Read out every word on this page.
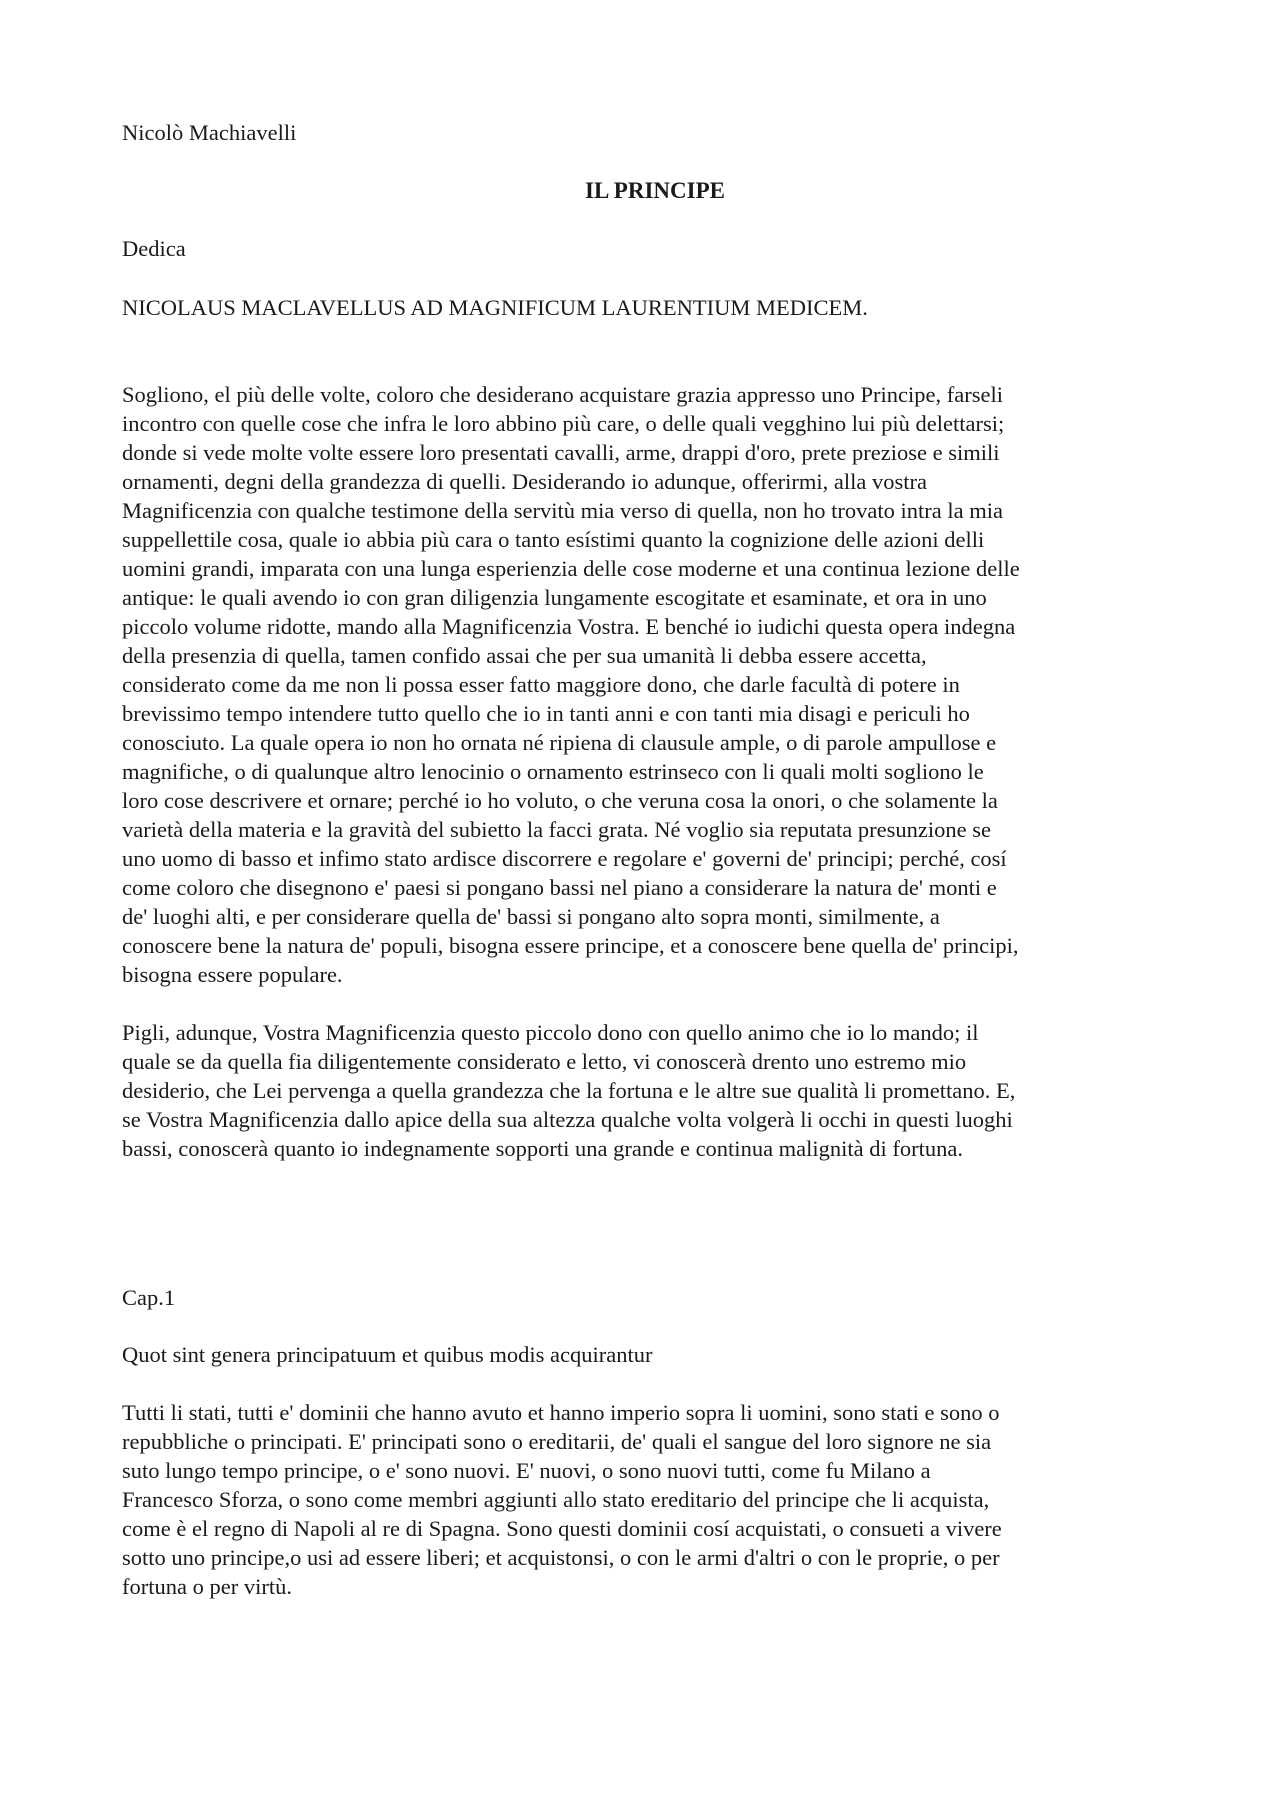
Nicolò Machiavelli

IL PRINCIPE

Dedica

NICOLAUS MACLAVELLUS AD MAGNIFICUM LAURENTIUM MEDICEM.

Sogliono, el più delle volte, coloro che desiderano acquistare grazia appresso uno Principe, farseli

incontro con quelle cose che infra le loro abbino più care, o delle quali vegghino lui più delettarsi;

donde si vede molte volte essere loro presentati cavalli, arme, drappi d'oro, prete preziose e simili

ornamenti, degni della grandezza di quelli. Desiderando io adunque, offerirmi, alla vostra

Magnificenzia con qualche testimone della servitù mia verso di quella, non ho trovato intra la mia

suppellettile cosa, quale io abbia più cara o tanto esístimi quanto la cognizione delle azioni delli

uomini grandi, imparata con una lunga esperienzia delle cose moderne et una continua lezione delle

antique: le quali avendo io con gran diligenzia lungamente escogitate et esaminate, et ora in uno

piccolo volume ridotte, mando alla Magnificenzia Vostra. E benché io iudichi questa opera indegna

della presenzia di quella, tamen confido assai che per sua umanità li debba essere accetta,

considerato come da me non li possa esser fatto maggiore dono, che darle facultà di potere in

brevissimo tempo intendere tutto quello che io in tanti anni e con tanti mia disagi e periculi ho

conosciuto. La quale opera io non ho ornata né ripiena di clausule ample, o di parole ampullose e

magnifiche, o di qualunque altro lenocinio o ornamento estrinseco con li quali molti sogliono le

loro cose descrivere et ornare; perché io ho voluto, o che veruna cosa la onori, o che solamente la

varietà della materia e la gravità del subietto la facci grata. Né voglio sia reputata presunzione se

uno uomo di basso et infimo stato ardisce discorrere e regolare e' governi de' principi; perché, cosí

come coloro che disegnono e' paesi si pongano bassi nel piano a considerare la natura de' monti e

de' luoghi alti, e per considerare quella de' bassi si pongano alto sopra monti, similmente, a

conoscere bene la natura de' populi, bisogna essere principe, et a conoscere bene quella de' principi,

bisogna essere populare.

Pigli, adunque, Vostra Magnificenzia questo piccolo dono con quello animo che io lo mando; il

quale se da quella fia diligentemente considerato e letto, vi conoscerà drento uno estremo mio

desiderio, che Lei pervenga a quella grandezza che la fortuna e le altre sue qualità li promettano. E,

se Vostra Magnificenzia dallo apice della sua altezza qualche volta volgerà li occhi in questi luoghi

bassi, conoscerà quanto io indegnamente sopporti una grande e continua malignità di fortuna.

Cap.1

Quot sint genera principatuum et quibus modis acquirantur

Tutti li stati, tutti e' dominii che hanno avuto et hanno imperio sopra li uomini, sono stati e sono o

repubbliche o principati. E' principati sono o ereditarii, de' quali el sangue del loro signore ne sia

suto lungo tempo principe, o e' sono nuovi. E' nuovi, o sono nuovi tutti, come fu Milano a

Francesco Sforza, o sono come membri aggiunti allo stato ereditario del principe che li acquista,

come è el regno di Napoli al re di Spagna. Sono questi dominii cosí acquistati, o consueti a vivere

sotto uno principe,o usi ad essere liberi; et acquistonsi, o con le armi d'altri o con le proprie, o per

fortuna o per virtù.
